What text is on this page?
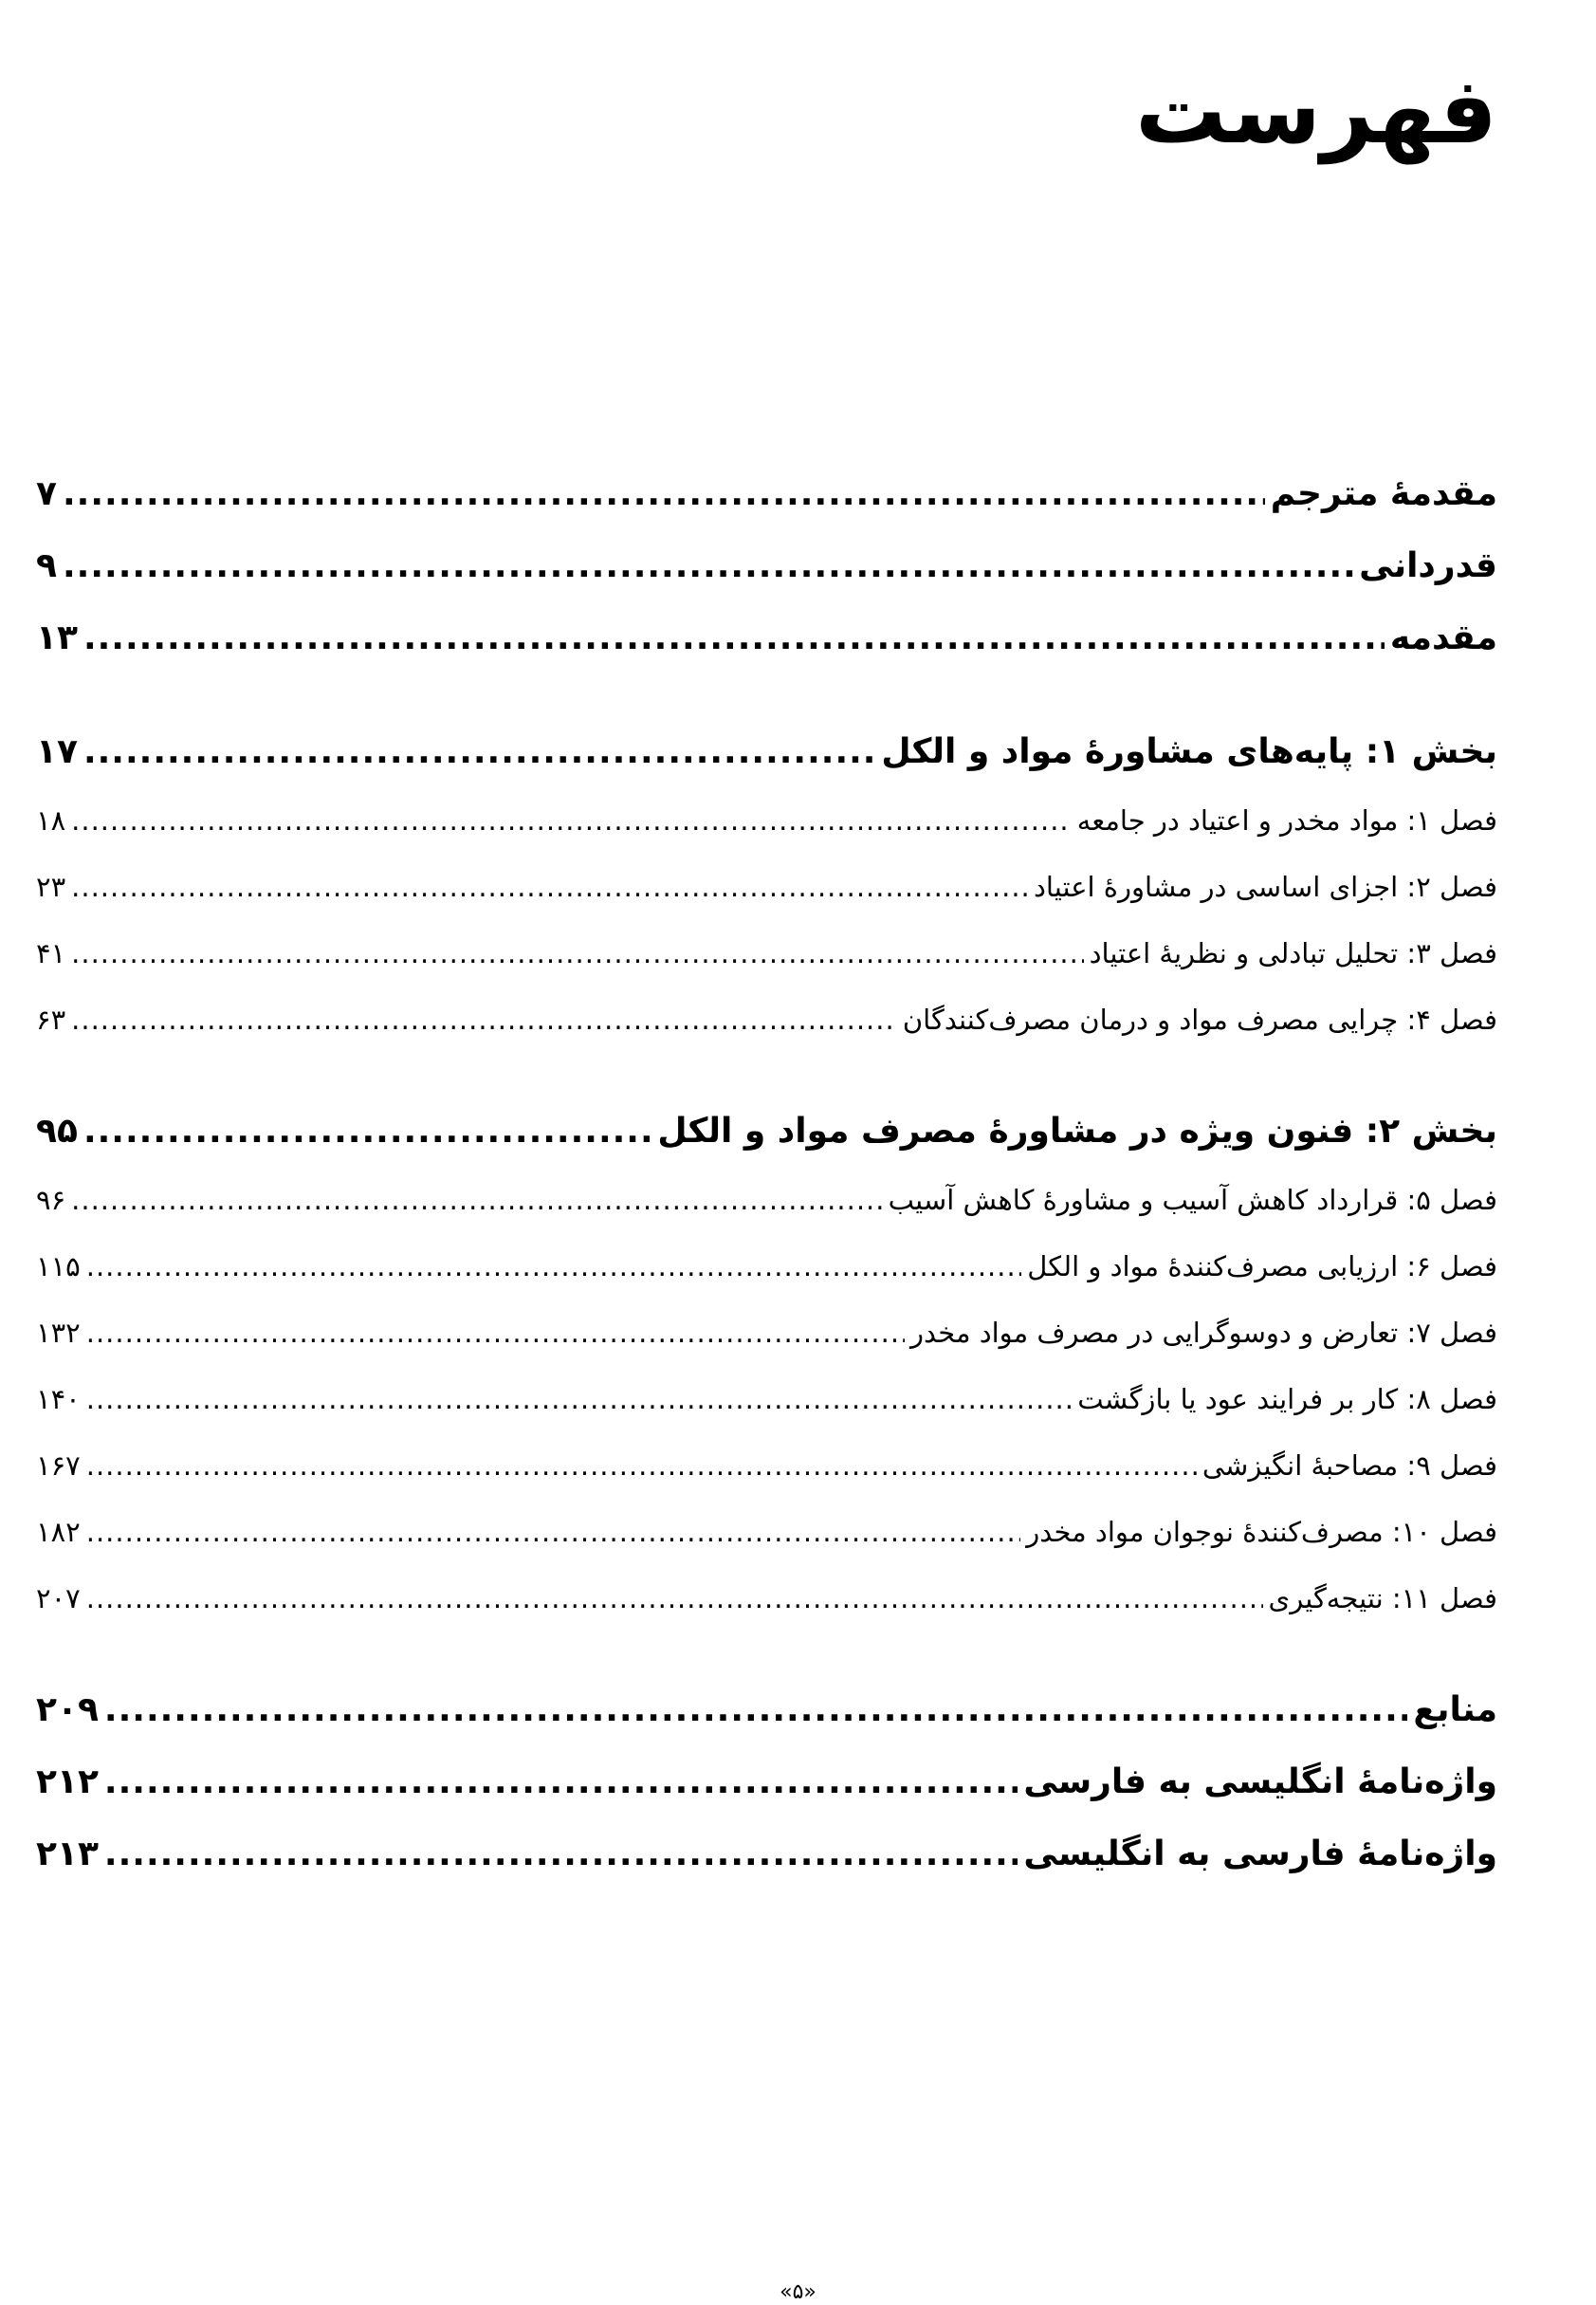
فهرست
مقدمهٔ مترجم
.....
۷
قدردانی
.....
۹
مقدمه
.....
۱۳
بخش ۱: پایه‌های مشاورهٔ مواد و الکل
.....
۱۷
فصل ۱: مواد مخدر و اعتیاد در جامعه
.....
۱۸
فصل ۲: اجزای اساسی در مشاورهٔ اعتیاد
.....
۲۳
فصل ۳: تحلیل تبادلی و نظریهٔ اعتیاد
.....
۴۱
فصل ۴: چرایی مصرف مواد و درمان مصرف‌کنندگان
.....
۶۳
بخش ۲: فنون ویژه در مشاورهٔ مصرف مواد و الکل
.....
۹۵
فصل ۵: قرارداد کاهش آسیب و مشاورهٔ کاهش آسیب
.....
۹۶
فصل ۶: ارزیابی مصرف‌کنندهٔ مواد و الکل
.....
۱۱۵
فصل ۷: تعارض و دوسوگرایی در مصرف مواد مخدر
.....
۱۳۲
فصل ۸: کار بر فرایند عود یا بازگشت
.....
۱۴۰
فصل ۹: مصاحبهٔ انگیزشی
.....
۱۶۷
فصل ۱۰: مصرف‌کنندهٔ نوجوان مواد مخدر
.....
۱۸۲
فصل ۱۱: نتیجه‌گیری
.....
۲۰۷
منابع
.....
۲۰۹
واژه‌نامهٔ انگلیسی به فارسی
.....
۲۱۲
واژه‌نامهٔ فارسی به انگلیسی
.....
۲۱۳
«۵»
